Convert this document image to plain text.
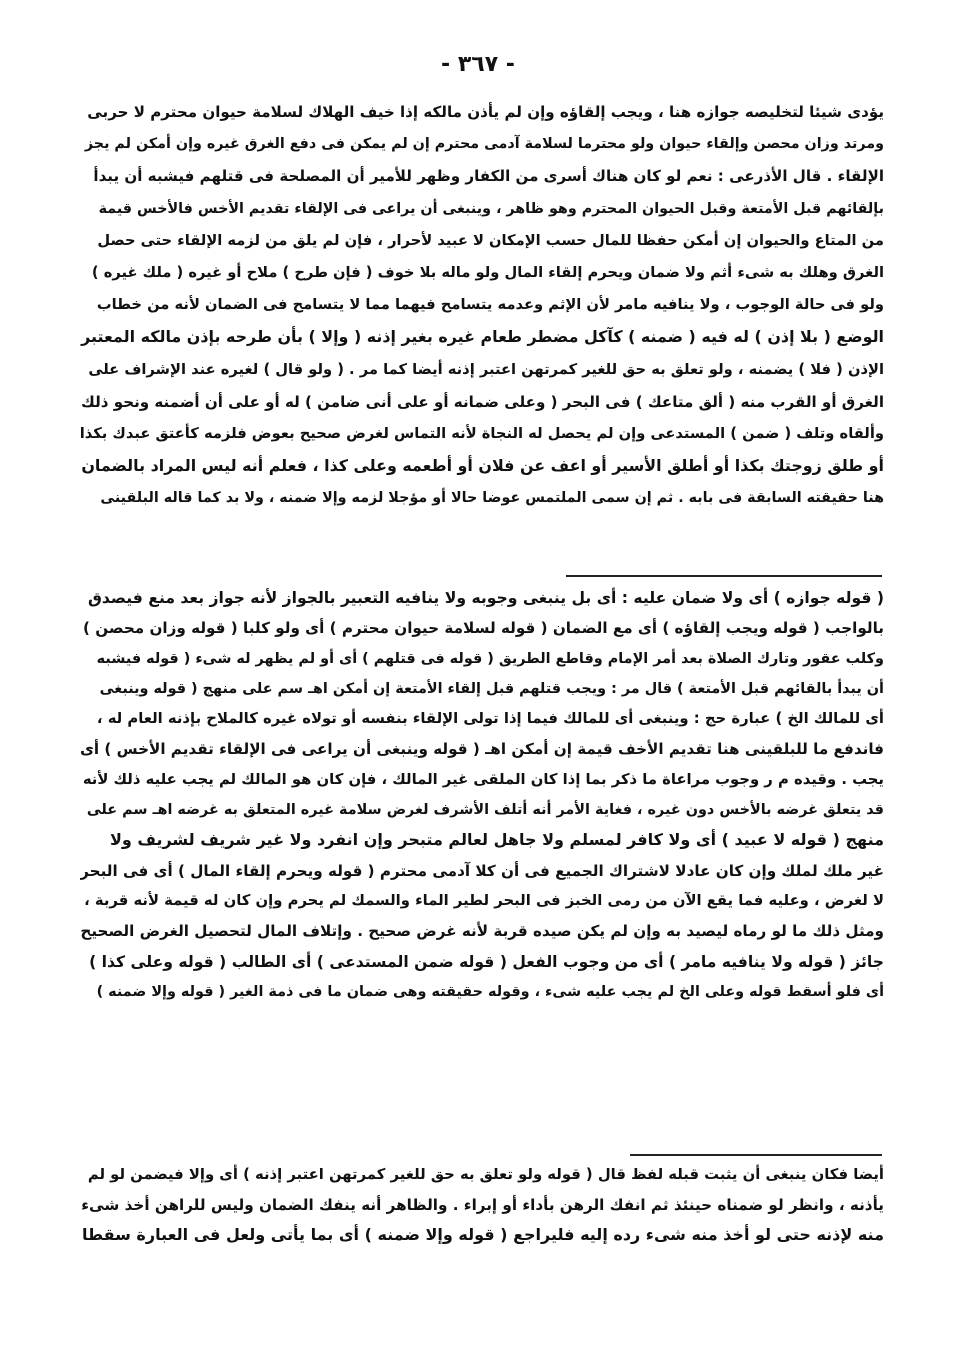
- ٣٦٧ -
يؤدى شيئا لتخليصه جوازه هنا ، ويجب إلقاؤه وإن لم يأذن مالكه إذا خيف الهلاك لسلامة حيوان محترم لا حربى
ومرتد وزان محصن وإلقاء حيوان ولو محترما لسلامة آدمى محترم إن لم يمكن فى دفع الغرق غيره وإن أمكن لم يجز
الإلقاء . قال الأذرعى : نعم لو كان هناك أسرى من الكفار وظهر للأمير أن المصلحة فى قتلهم فيشبه أن يبدأ
بإلقائهم قبل الأمتعة وقبل الحيوان المحترم وهو ظاهر ، وينبغى أن يراعى فى الإلقاء تقديم الأخس فالأخس قيمة
من المتاع والحيوان إن أمكن حفظا للمال حسب الإمكان لا عبيد لأحرار ، فإن لم يلق من لزمه الإلقاء حتى حصل
الغرق وهلك به شىء أثم ولا ضمان ويحرم إلقاء المال ولو ماله بلا خوف ( فإن طرح ) ملاح أو غيره ( ملك غيره )
ولو فى حالة الوجوب ، ولا ينافيه مامر لأن الإثم وعدمه يتسامح فيهما مما لا يتسامح فى الضمان لأنه من خطاب
الوضع ( بلا إذن ) له فيه ( ضمنه ) كآكل مضطر طعام غيره بغير إذنه ( وإلا ) بأن طرحه بإذن مالكه المعتبر
الإذن ( فلا ) يضمنه ، ولو تعلق به حق للغير كمرتهن اعتبر إذنه أيضا كما مر . ( ولو قال ) لغيره عند الإشراف على
الغرق أو القرب منه ( ألق متاعك ) فى البحر ( وعلى ضمانه أو على أنى ضامن ) له أو على أن أضمنه ونحو ذلك
وألقاه وتلف ( ضمن ) المستدعى وإن لم يحصل له النجاة لأنه التماس لغرض صحيح بعوض فلزمه كأعتق عبدك بكذا
أو طلق زوجتك بكذا أو أطلق الأسير أو اعف عن فلان أو أطعمه وعلى كذا ، فعلم أنه ليس المراد بالضمان
هنا حقيقته السابقة فى بابه . ثم إن سمى الملتمس عوضا حالا أو مؤجلا لزمه وإلا ضمنه ، ولا بد كما قاله البلقينى
( قوله جوازه ) أى ولا ضمان عليه : أى بل ينبغى وجوبه ولا ينافيه التعبير بالجواز لأنه جواز بعد منع فيصدق
بالواجب ( قوله ويجب إلقاؤه ) أى مع الضمان ( قوله لسلامة حيوان محترم ) أى ولو كلبا ( قوله وزان محصن )
وكلب عقور وتارك الصلاة بعد أمر الإمام وقاطع الطريق ( قوله فى قتلهم ) أى أو لم يظهر له شىء ( قوله فيشبه
أن يبدأ بالقائهم قبل الأمتعة ) قال مر : ويجب قتلهم قبل إلقاء الأمتعة إن أمكن اهـ سم على منهج ( قوله وينبغى
أى للمالك الخ ) عبارة حج : وينبغى أى للمالك فيما إذا تولى الإلقاء بنفسه أو تولاه غيره كالملاح بإذنه العام له ،
فاندفع ما للبلقينى هنا تقديم الأخف قيمة إن أمكن اهـ ( قوله وينبغى أن يراعى فى الإلقاء تقديم الأخس ) أى
يجب . وقيده م ر وجوب مراعاة ما ذكر بما إذا كان الملقى غير المالك ، فإن كان هو المالك لم يجب عليه ذلك لأنه
قد يتعلق غرضه بالأخس دون غيره ، فغاية الأمر أنه أتلف الأشرف لغرض سلامة غيره المتعلق به غرضه اهـ سم على
منهج ( قوله لا عبيد ) أى ولا كافر لمسلم ولا جاهل لعالم متبحر وإن انفرد ولا غير شريف لشريف ولا
غير ملك لملك وإن كان عادلا لاشتراك الجميع فى أن كلا آدمى محترم ( قوله ويحرم إلقاء المال ) أى فى البحر
لا لغرض ، وعليه فما يقع الآن من رمى الخبز فى البحر لطير الماء والسمك لم يحرم وإن كان له قيمة لأنه قربة ،
ومثل ذلك ما لو رماه ليصيد به وإن لم يكن صيده قربة لأنه غرض صحيح . وإتلاف المال لتحصيل الغرض الصحيح
جائز ( قوله ولا ينافيه مامر ) أى من وجوب الفعل ( قوله ضمن المستدعى ) أى الطالب ( قوله وعلى كذا )
أى فلو أسقط قوله وعلى الخ لم يجب عليه شىء ، وقوله حقيقته وهى ضمان ما فى ذمة الغير ( قوله وإلا ضمنه )
أيضا فكان ينبغى أن يثبت قبله لفظ قال ( قوله ولو تعلق به حق للغير كمرتهن اعتبر إذنه ) أى وإلا فيضمن لو لم
يأذنه ، وانظر لو ضمناه حينئذ ثم انفك الرهن بأداء أو إبراء . والظاهر أنه ينفك الضمان وليس للراهن أخذ شىء
منه لإذنه حتى لو أخذ منه شىء رده إليه فليراجع ( قوله وإلا ضمنه ) أى بما يأتى ولعل فى العبارة سقطا
